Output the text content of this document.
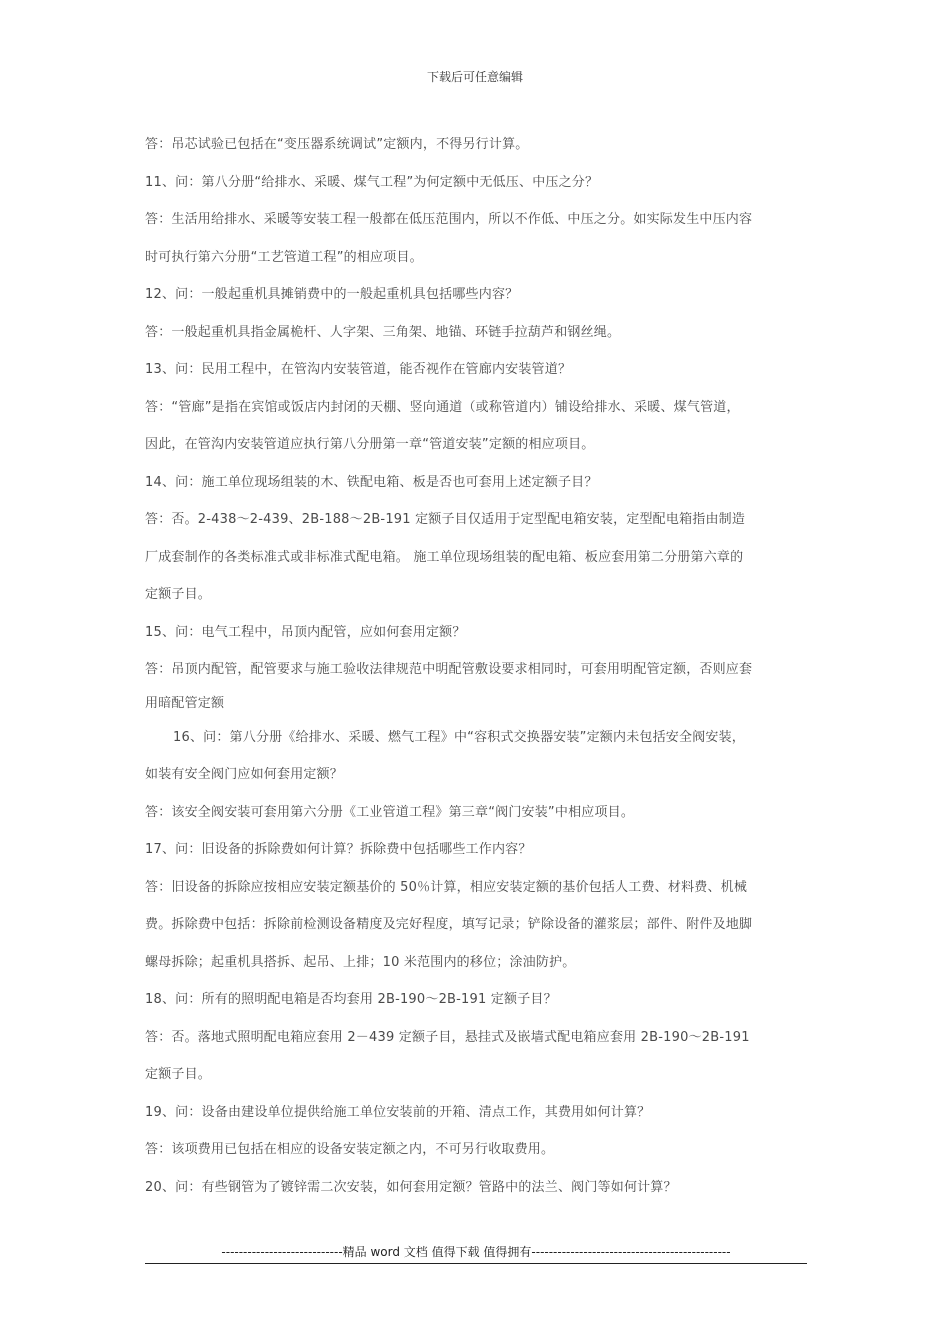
下载后可任意编辑
答：吊芯试验已包括在“变压器系统调试”定额内，不得另行计算。
11、问：第八分册“给排水、采暖、煤气工程”为何定额中无低压、中压之分？
答：生活用给排水、采暖等安装工程一般都在低压范围内，所以不作低、中压之分。如实际发生中压内容
时可执行第六分册“工艺管道工程”的相应项目。
12、问：一般起重机具摊销费中的一般起重机具包括哪些内容？
答：一般起重机具指金属桅杆、人字架、三角架、地锚、环链手拉葫芦和钢丝绳。
13、问：民用工程中，在管沟内安装管道，能否视作在管廊内安装管道？
答：“管廊”是指在宾馆或饭店内封闭的天棚、竖向通道（或称管道内）铺设给排水、采暖、煤气管道，
因此，在管沟内安装管道应执行第八分册第一章“管道安装”定额的相应项目。
14、问：施工单位现场组装的木、铁配电箱、板是否也可套用上述定额子目？
答：否。2-438～2-439、2B-188～2B-191 定额子目仅适用于定型配电箱安装，定型配电箱指由制造
厂成套制作的各类标准式或非标准式配电箱。 施工单位现场组装的配电箱、板应套用第二分册第六章的
定额子目。
15、问：电气工程中，吊顶内配管，应如何套用定额？
答：吊顶内配管，配管要求与施工验收法律规范中明配管敷设要求相同时，可套用明配管定额，否则应套
用暗配管定额
16、问：第八分册《给排水、采暖、燃气工程》中“容积式交换器安装”定额内未包括安全阀安装，
如装有安全阀门应如何套用定额？
答：该安全阀安装可套用第六分册《工业管道工程》第三章“阀门安装”中相应项目。
17、问：旧设备的拆除费如何计算？拆除费中包括哪些工作内容？
答：旧设备的拆除应按相应安装定额基价的 50％计算，相应安装定额的基价包括人工费、材料费、机械
费。拆除费中包括：拆除前检测设备精度及完好程度，填写记录；铲除设备的灌浆层；部件、附件及地脚
螺母拆除；起重机具搭拆、起吊、上排；10 米范围内的移位；涂油防护。
18、问：所有的照明配电箱是否均套用 2B-190～2B-191 定额子目？
答：否。落地式照明配电箱应套用 2－439 定额子目，悬挂式及嵌墙式配电箱应套用 2B-190～2B-191
定额子目。
19、问：设备由建设单位提供给施工单位安装前的开箱、清点工作，其费用如何计算？
答：该项费用已包括在相应的设备安装定额之内，不可另行收取费用。
20、问：有些钢管为了镀锌需二次安装，如何套用定额？管路中的法兰、阀门等如何计算？
----------------------------精品 word 文档 值得下载 值得拥有----------------------------------------------
